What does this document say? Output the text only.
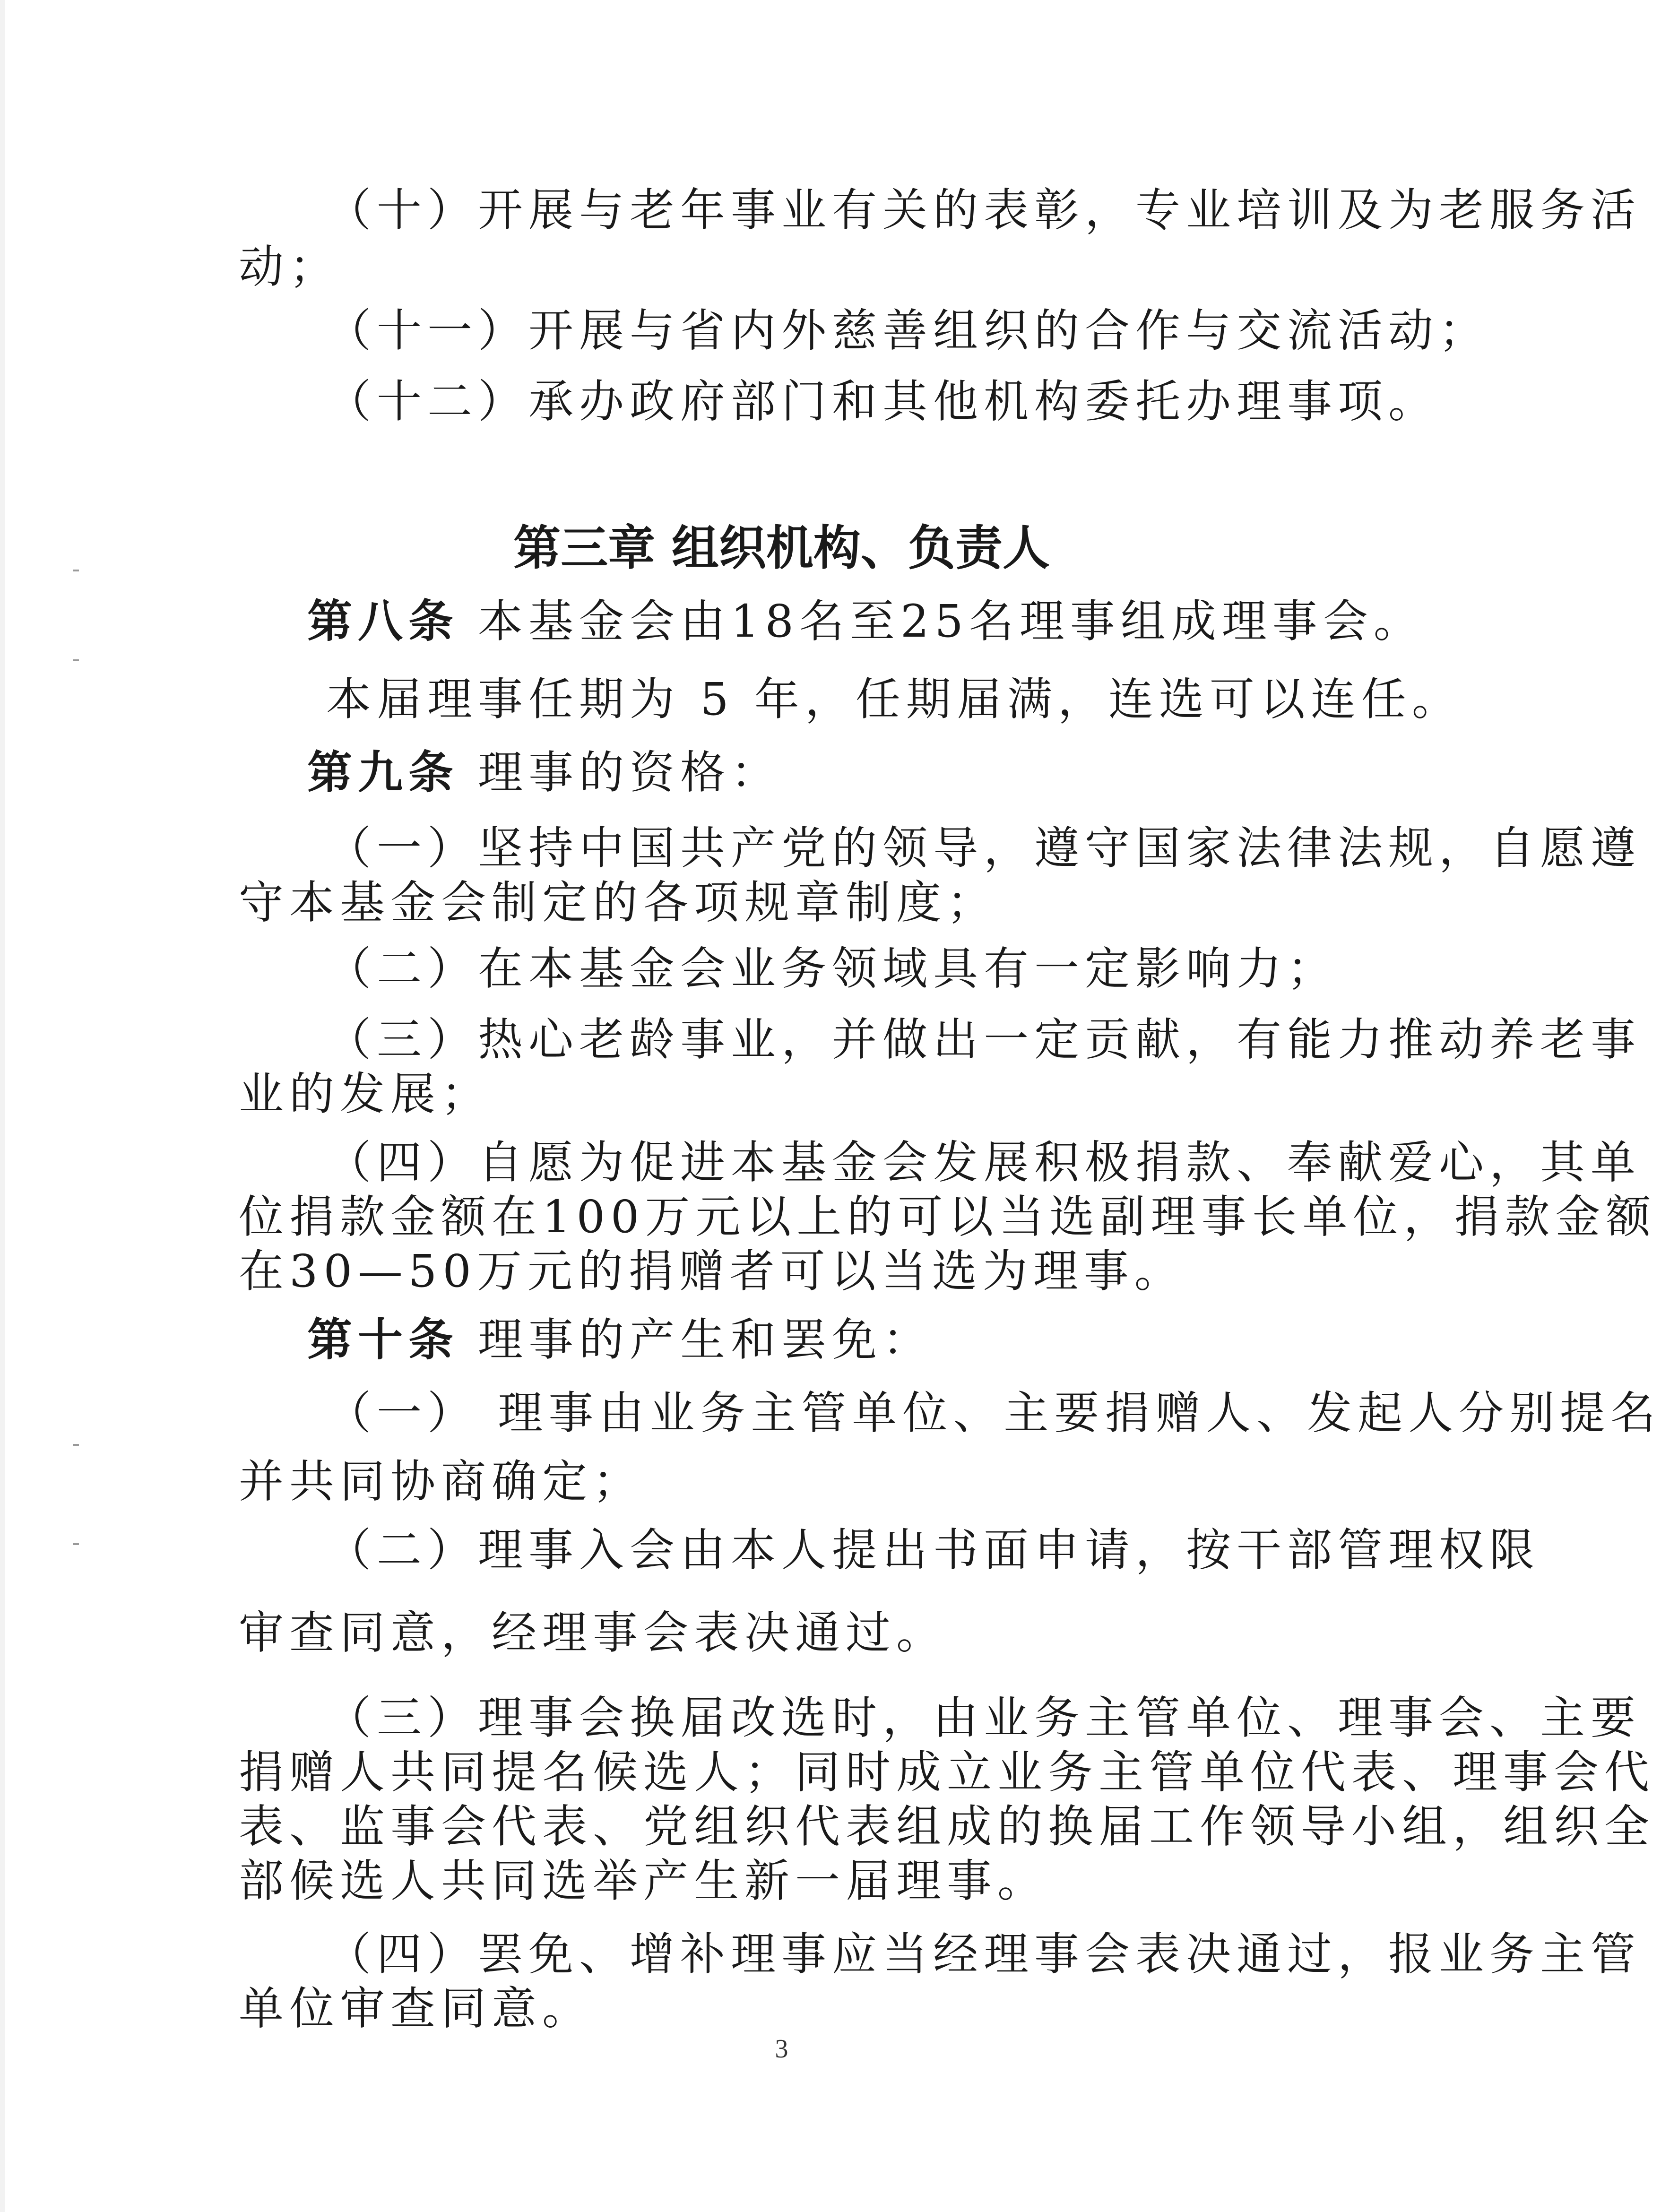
（十）开展与老年事业有关的表彰，专业培训及为老服务活
动；
（十一）开展与省内外慈善组织的合作与交流活动；
（十二）承办政府部门和其他机构委托办理事项。
第三章 组织机构、负责人
第八条 本基金会由18名至25名理事组成理事会。
本届理事任期为 5 年，任期届满，连选可以连任。
第九条 理事的资格：
（一）坚持中国共产党的领导，遵守国家法律法规，自愿遵
守本基金会制定的各项规章制度；
（二）在本基金会业务领域具有一定影响力；
（三）热心老龄事业，并做出一定贡献，有能力推动养老事
业的发展；
（四）自愿为促进本基金会发展积极捐款、奉献爱心，其单
位捐款金额在100万元以上的可以当选副理事长单位，捐款金额
在30—50万元的捐赠者可以当选为理事。
第十条 理事的产生和罢免：
（一） 理事由业务主管单位、主要捐赠人、发起人分别提名
并共同协商确定；
（二）理事入会由本人提出书面申请，按干部管理权限
审查同意，经理事会表决通过。
（三）理事会换届改选时，由业务主管单位、理事会、主要
捐赠人共同提名候选人；同时成立业务主管单位代表、理事会代
表、监事会代表、党组织代表组成的换届工作领导小组，组织全
部候选人共同选举产生新一届理事。
（四）罢免、增补理事应当经理事会表决通过，报业务主管
单位审查同意。
3
